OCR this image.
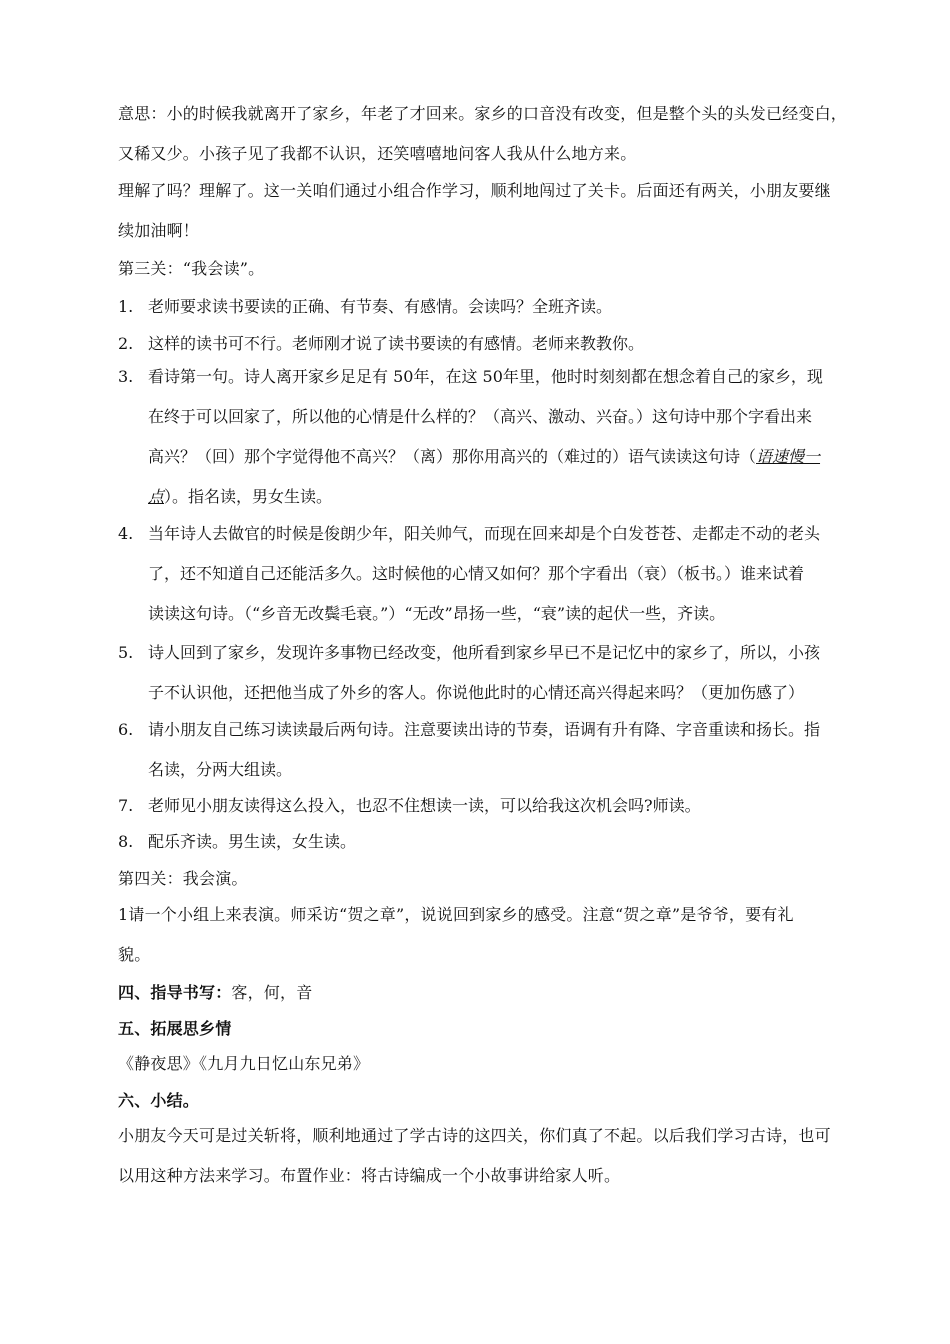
意思：小的时候我就离开了家乡，年老了才回来。家乡的口音没有改变，但是整个头的头发已经变白，
又稀又少。小孩子见了我都不认识，还笑嘻嘻地问客人我从什么地方来。
理解了吗？理解了。这一关咱们通过小组合作学习，顺利地闯过了关卡。后面还有两关，小朋友要继
续加油啊！
第三关：“我会读”。
1. 老师要求读书要读的正确、有节奏、有感情。会读吗？全班齐读。
2. 这样的读书可不行。老师刚才说了读书要读的有感情。老师来教教你。
3. 看诗第一句。诗人离开家乡足足有 50年，在这 50年里，他时时刻刻都在想念着自己的家乡，现
在终于可以回家了，所以他的心情是什么样的？（高兴、激动、兴奋。）这句诗中那个字看出来
高兴？（回）那个字觉得他不高兴？（离）那你用高兴的（难过的）语气读读这句诗（语速慢一
点）。指名读，男女生读。
4. 当年诗人去做官的时候是俊朗少年，阳关帅气，而现在回来却是个白发苍苍、走都走不动的老头
了，还不知道自己还能活多久。这时候他的心情又如何？那个字看出（衰）（板书。）谁来试着
读读这句诗。（“乡音无改鬓毛衰。”）“无改”昂扬一些，“衰”读的起伏一些，齐读。
5. 诗人回到了家乡，发现许多事物已经改变，他所看到家乡早已不是记忆中的家乡了，所以，小孩
子不认识他，还把他当成了外乡的客人。你说他此时的心情还高兴得起来吗？（更加伤感了）
6. 请小朋友自己练习读读最后两句诗。注意要读出诗的节奏，语调有升有降、字音重读和扬长。指
名读，分两大组读。
7. 老师见小朋友读得这么投入，也忍不住想读一读，可以给我这次机会吗?师读。
8. 配乐齐读。男生读，女生读。
第四关：我会演。
1请一个小组上来表演。师采访“贺之章”，说说回到家乡的感受。注意“贺之章”是爷爷，要有礼
貌。
四、指导书写：客，何，音
五、拓展思乡情
《静夜思》《九月九日忆山东兄弟》
六、小结。
小朋友今天可是过关斩将，顺利地通过了学古诗的这四关，你们真了不起。以后我们学习古诗，也可
以用这种方法来学习。布置作业：将古诗编成一个小故事讲给家人听。
